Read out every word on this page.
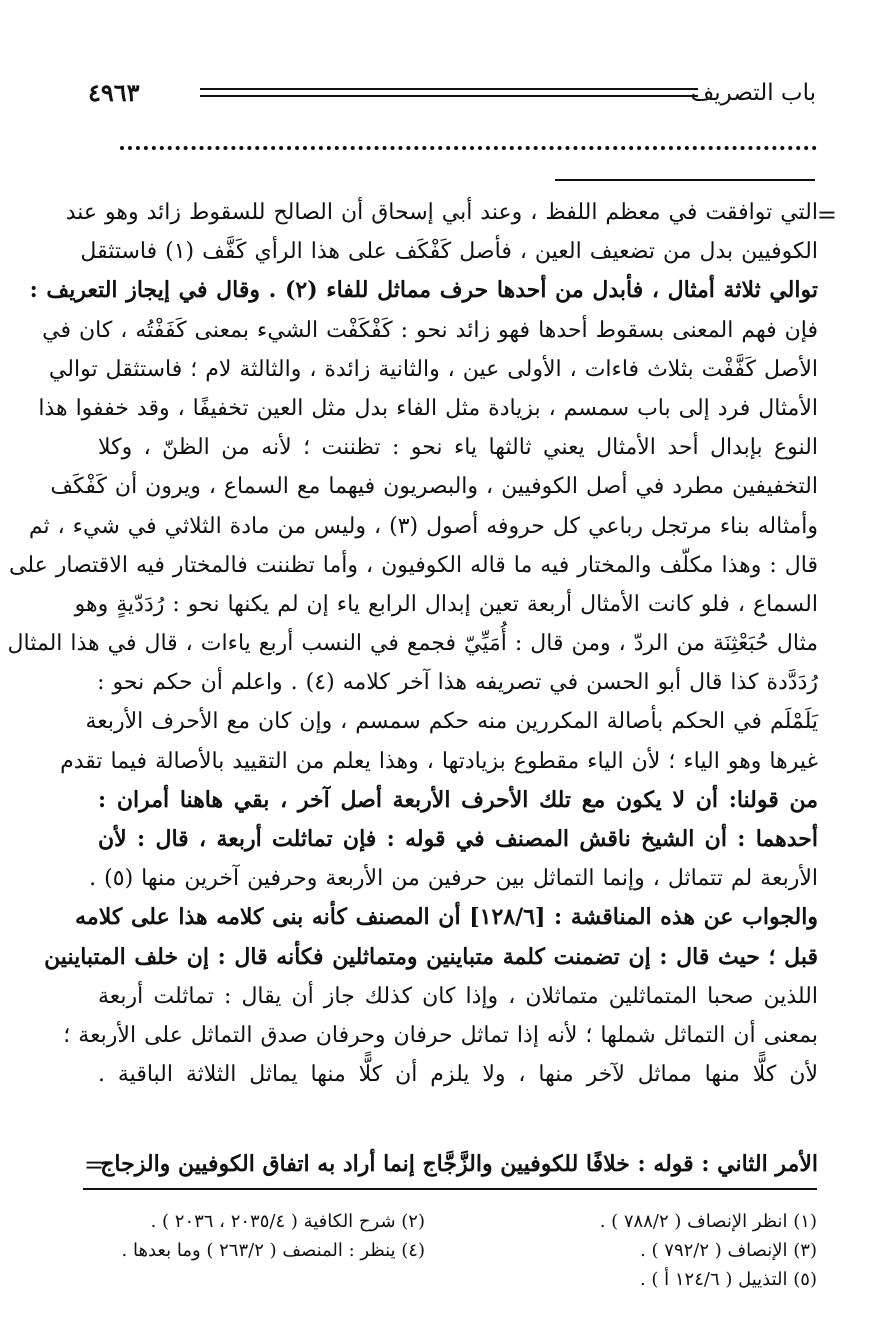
باب التصريف
٤٩٦٣
=
التي توافقت في معظم اللفظ ، وعند أبي إسحاق أن الصالح للسقوط زائد وهو عند
الكوفيين بدل من تضعيف العين ، فأصل كَفْكَف على هذا الرأي كَفَّف (١) فاستثقل
توالي ثلاثة أمثال ، فأبدل من أحدها حرف مماثل للفاء (٢) . وقال في إيجاز التعريف :
فإن فهم المعنى بسقوط أحدها فهو زائد نحو : كَفْكَفْت الشيء بمعنى كَفَفْتُه ، كان في
الأصل كَفَّفْت بثلاث فاءات ، الأولى عين ، والثانية زائدة ، والثالثة لام ؛ فاستثقل توالي
الأمثال فرد إلى باب سمسم ، بزيادة مثل الفاء بدل مثل العين تخفيفًا ، وقد خففوا هذا
النوع بإبدال أحد الأمثال يعني ثالثها ياء نحو : تظننت ؛ لأنه من الظنّ ، وكلا
التخفيفين مطرد في أصل الكوفيين ، والبصريون فيهما مع السماع ، ويرون أن كَفْكَف
وأمثاله بناء مرتجل رباعي كل حروفه أصول (٣) ، وليس من مادة الثلاثي في شيء ، ثم
قال : وهذا مكلّف والمختار فيه ما قاله الكوفيون ، وأما تظننت فالمختار فيه الاقتصار على
السماع ، فلو كانت الأمثال أربعة تعين إبدال الرابع ياء إن لم يكنها نحو : رُدَدّيةٍ وهو
مثال حُبَعْثِنَة من الردّ ، ومن قال : أُمَيِّيّ فجمع في النسب أربع ياءات ، قال في هذا المثال
رُدَدَّدة كذا قال أبو الحسن في تصريفه هذا آخر كلامه (٤) . واعلم أن حكم نحو :
يَلَمْلَم في الحكم بأصالة المكررين منه حكم سمسم ، وإن كان مع الأحرف الأربعة
غيرها وهو الياء ؛ لأن الياء مقطوع بزيادتها ، وهذا يعلم من التقييد بالأصالة فيما تقدم
من قولنا: أن لا يكون مع تلك الأحرف الأربعة أصل آخر ، بقي هاهنا أمران :
أحدهما : أن الشيخ ناقش المصنف في قوله : فإن تماثلت أربعة ، قال : لأن
الأربعة لم تتماثل ، وإنما التماثل بين حرفين من الأربعة وحرفين آخرين منها (٥) .
والجواب عن هذه المناقشة : [١٢٨/٦] أن المصنف كأنه بنى كلامه هذا على كلامه
قبل ؛ حيث قال : إن تضمنت كلمة متباينين ومتماثلين فكأنه قال : إن خلف المتباينين
اللذين صحبا المتماثلين متماثلان ، وإذا كان كذلك جاز أن يقال : تماثلت أربعة
بمعنى أن التماثل شملها ؛ لأنه إذا تماثل حرفان وحرفان صدق التماثل على الأربعة ؛
لأن كلًّا منها مماثل لآخر منها ، ولا يلزم أن كلًّا منها يماثل الثلاثة الباقية .
الأمر الثاني : قوله : خلافًا للكوفيين والزَّجَّاج إنما أراد به اتفاق الكوفيين والزجاج
=
(١) انظر الإنصاف ( ٧٨٨/٢ ) .
(٢) شرح الكافية ( ٢٠٣٥/٤ ، ٢٠٣٦ ) .
(٣) الإنصاف ( ٧٩٢/٢ ) .
(٤) ينظر : المنصف ( ٢٦٣/٢ ) وما بعدها .
(٥) التذييل ( ١٢٤/٦ أ ) .
